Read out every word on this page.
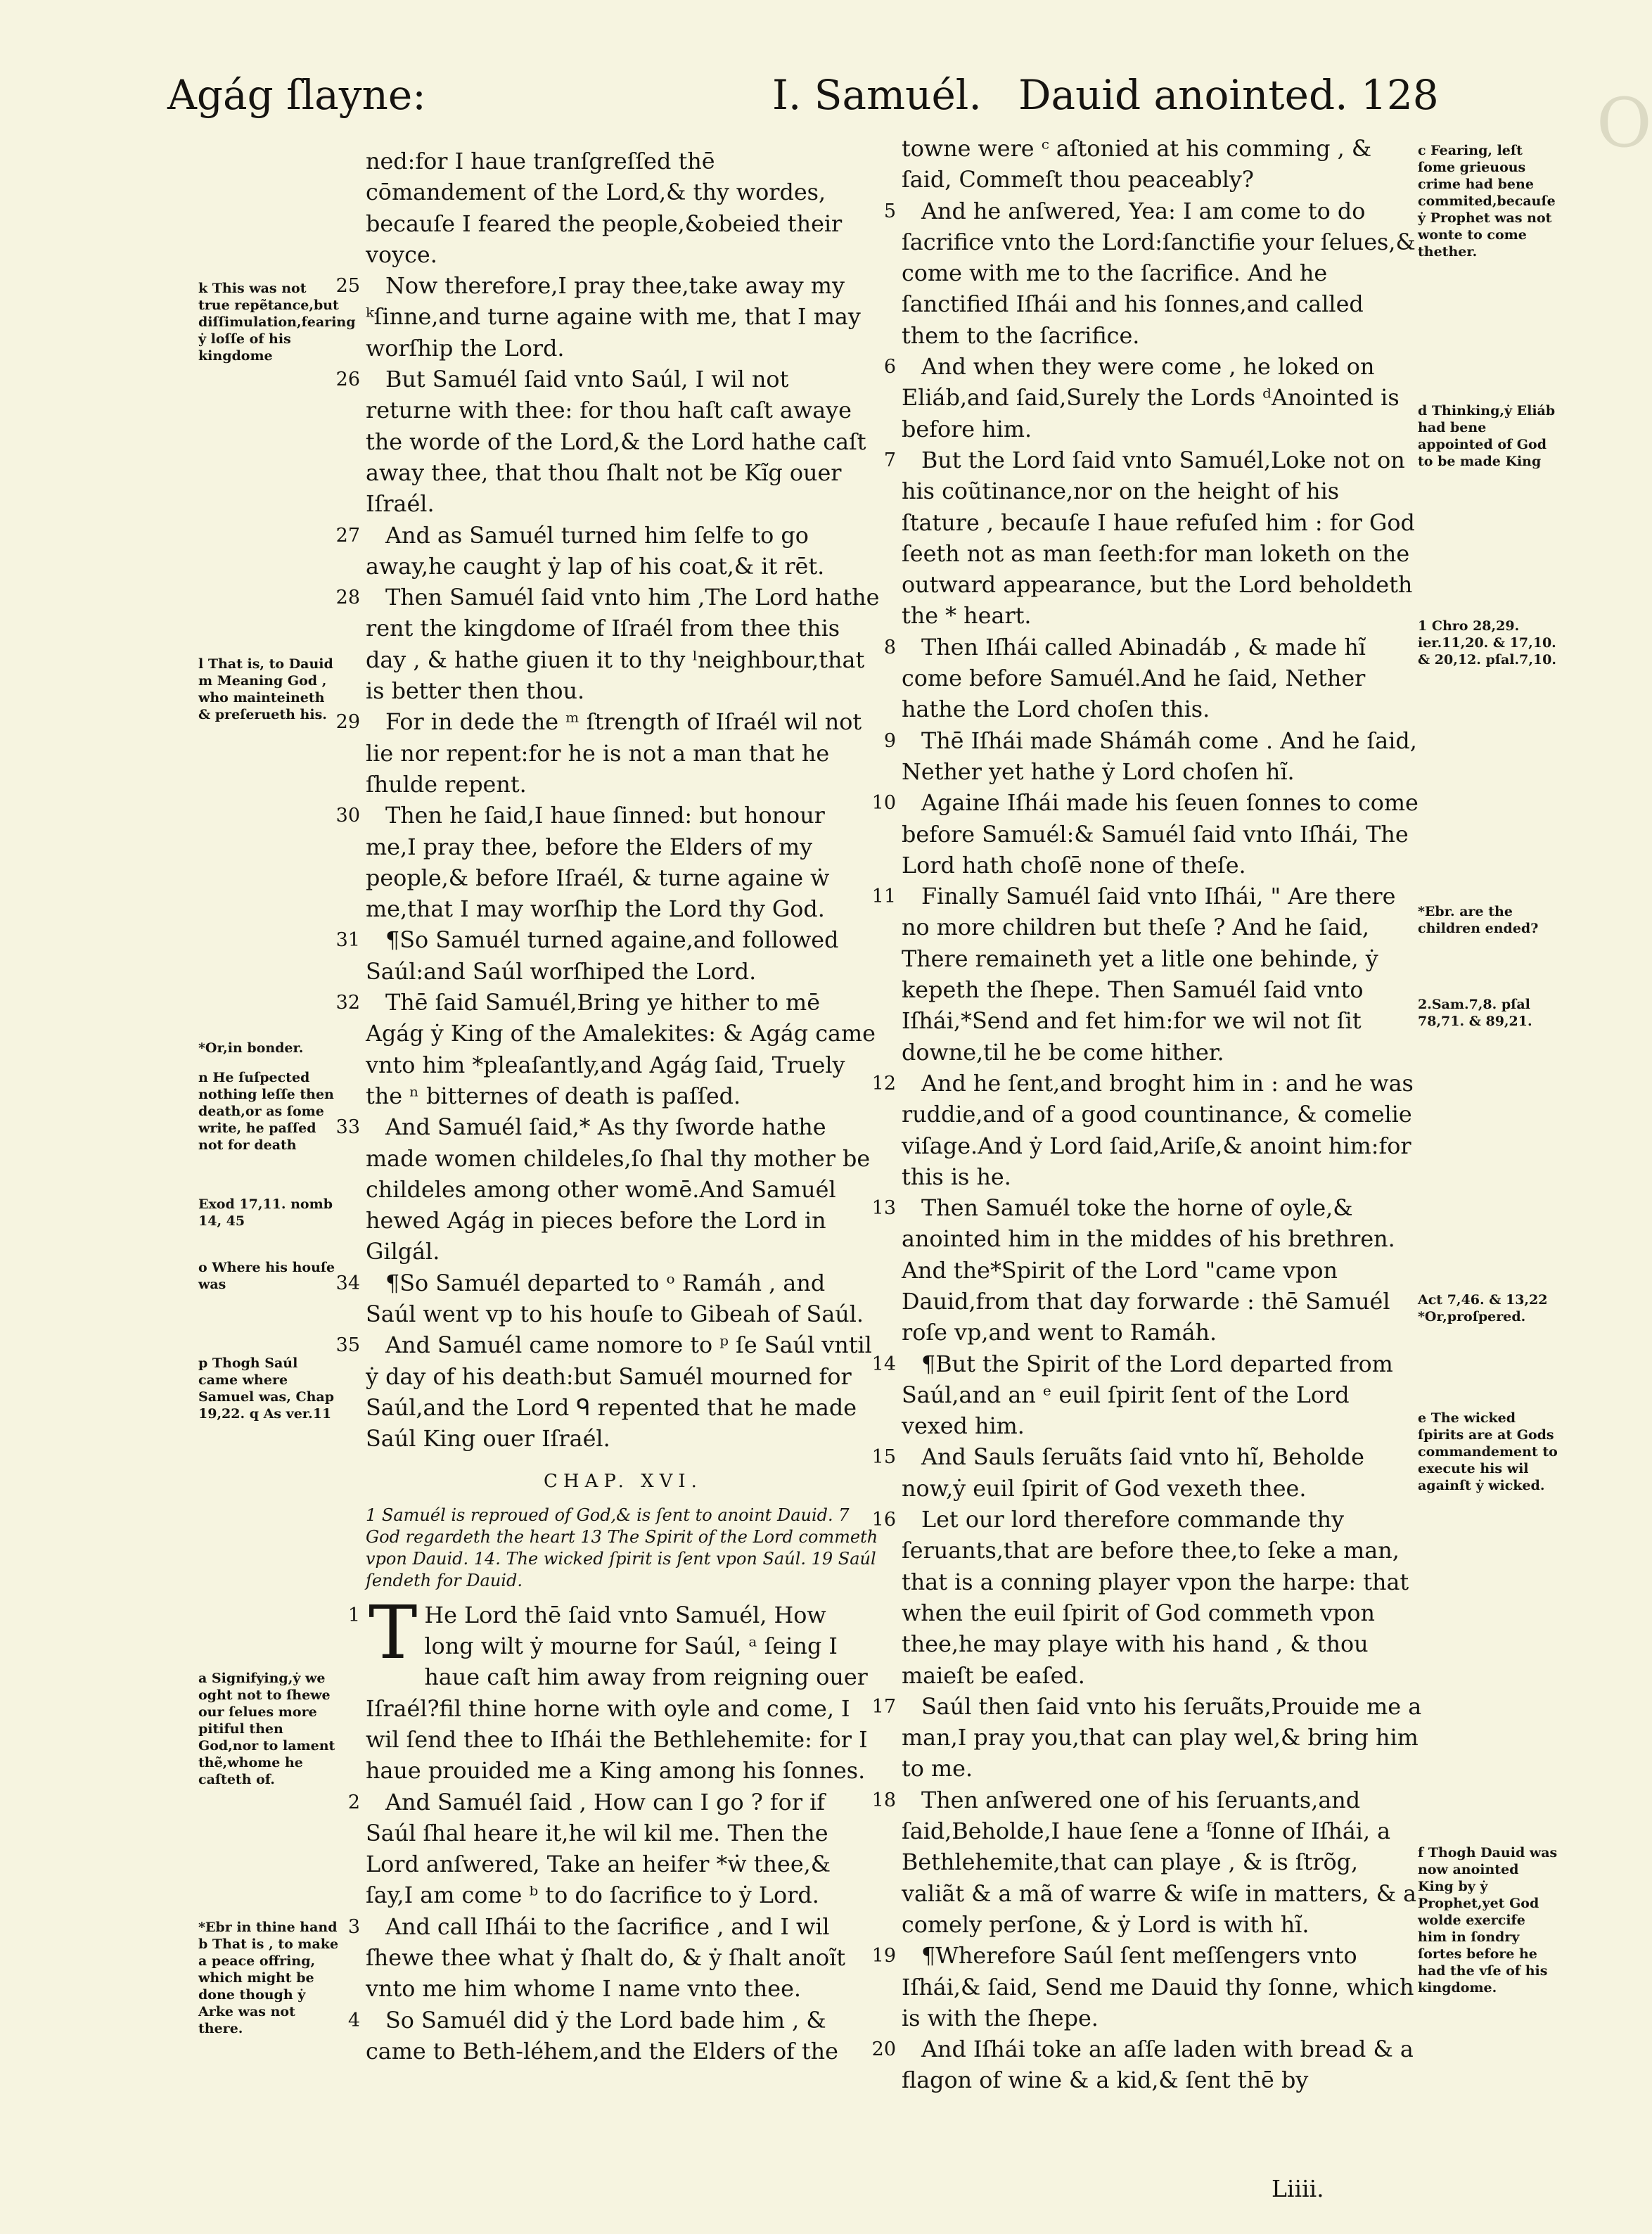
Agág ſlayne:	I. Samuél. Dauid anointed. 128 O

ned:for I haue tranſgreſſed thē cōmandement of the Lord,& thy wordes, becauſe I feared the people,&obeied their voyce.

25	Now therefore,I pray thee,take away my ᵏſinne,and turne againe with me, that I may worſhip the Lord.

26	But Samuél ſaid vnto Saúl, I wil not returne with thee: for thou haſt caſt awaye the worde of the Lord,& the Lord hathe caſt away thee, that thou ſhalt not be Kĩg ouer Iſraél.

27	And as Samuél turned him ſelfe to go away,he caught ẏ lap of his coat,& it rēt.

28	Then Samuél ſaid vnto him ,The Lord hathe rent the kingdome of Iſraél from thee this day , & hathe giuen it to thy ˡneighbour,that is better then thou.

29	For in dede the ᵐ ſtrength of Iſraél wil not lie nor repent:for he is not a man that he ſhulde repent.

30	Then he ſaid,I haue ſinned: but honour me,I pray thee, before the Elders of my people,& before Iſraél, & turne againe ẇ me,that I may worſhip the Lord thy God.

31	¶So Samuél turned againe,and followed Saúl:and Saúl worſhiped the Lord.

32	Thē ſaid Samuél,Bring ye hither to mē Agág ẏ King of the Amalekites: & Agág came vnto him *pleaſantly,and Agág ſaid, Truely the ⁿ bitternes of death is paſſed.

33	And Samuél ſaid,* As thy ſworde hathe made women childeles,ſo ſhal thy mother be childeles among other womē.And Samuél hewed Agág in pieces before the Lord in Gilgál.

34	¶So Samuél departed to ᵒ Ramáh , and Saúl went vp to his houſe to Gibeah of Saúl.

35	And Samuél came nomore to ᵖ ſe Saúl vntil ẏ day of his death:but Samuél mourned for Saúl,and the Lord ᑫ repented that he made Saúl King ouer Iſraél.

CHAP. XVI.
1 Samuél is reproued of God,& is ſent to anoint Dauid. 7 God regardeth the heart 13 The Spirit of the Lord commeth vpon Dauid. 14. The wicked ſpirit is ſent vpon Saúl. 19 Saúl ſendeth for Dauid.
1 T He Lord thē ſaid vnto Samuél, How long wilt ẏ mourne for Saúl, ᵃ ſeing I haue caſt him away from reigning ouer Iſraél?fil thine horne with oyle and come, I wil ſend thee to Iſhái the Bethlehemite: for I haue prouided me a King among his ſonnes.

2	And Samuél ſaid , How can I go ? for if Saúl ſhal heare it,he wil kil me. Then the Lord anſwered, Take an heifer *ẇ thee,& ſay,I am come ᵇ to do ſacrifice to ẏ Lord.

3	And call Iſhái to the ſacrifice , and I wil ſhewe thee what ẏ ſhalt do, & ẏ ſhalt anoĩt vnto me him whome I name vnto thee.

4	So Samuél did ẏ the Lord bade him , & came to Beth-léhem,and the Elders of the

towne were ᶜ aſtonied at his comming , & ſaid, Commeſt thou peaceably?

5	And he anſwered, Yea: I am come to do ſacrifice vnto the Lord:ſanctifie your ſelues,& come with me to the ſacrifice. And he ſanctified Iſhái and his ſonnes,and called them to the ſacrifice.

6	And when they were come , he loked on Eliáb,and ſaid,Surely the Lords ᵈAnointed is before him.

7	But the Lord ſaid vnto Samuél,Loke not on his coũtinance,nor on the height of his ſtature , becauſe I haue refuſed him : for God ſeeth not as man ſeeth:for man loketh on the outward appearance, but the Lord beholdeth the * heart.

8	Then Iſhái called Abinadáb , & made hĩ come before Samuél.And he ſaid, Nether hathe the Lord choſen this.

9	Thē Iſhái made Shámáh come . And he ſaid, Nether yet hathe ẏ Lord choſen hĩ.

10	Againe Iſhái made his ſeuen ſonnes to come before Samuél:& Samuél ſaid vnto Iſhái, The Lord hath choſē none of theſe.

11	Finally Samuél ſaid vnto Iſhái, " Are there no more children but theſe ? And he ſaid, There remaineth yet a litle one behinde, ẏ kepeth the ſhepe. Then Samuél ſaid vnto Iſhái,*Send and fet him:for we wil not ſit downe,til he be come hither.

12	And he ſent,and broght him in : and he was ruddie,and of a good countinance, & comelie viſage.And ẏ Lord ſaid,Ariſe,& anoint him:for this is he.

13	Then Samuél toke the horne of oyle,& anointed him in the middes of his brethren. And the*Spirit of the Lord "came vpon Dauid,from that day forwarde : thē Samuél roſe vp,and went to Ramáh.

14	¶But the Spirit of the Lord departed from Saúl,and an ᵉ euil ſpirit ſent of the Lord vexed him.

15	And Sauls ſeruãts ſaid vnto hĩ, Beholde now,ẏ euil ſpirit of God vexeth thee.

16	Let our lord therefore commande thy ſeruants,that are before thee,to ſeke a man, that is a conning player vpon the harpe: that when the euil ſpirit of God commeth vpon thee,he may playe with his hand , & thou maieſt be eaſed.

17	Saúl then ſaid vnto his ſeruãts,Prouide me a man,I pray you,that can play wel,& bring him to me.

18	Then anſwered one of his ſeruants,and ſaid,Beholde,I haue ſene a ᶠſonne of Iſhái, a Bethlehemite,that can playe , & is ſtrõg, valiãt & a mã of warre & wiſe in matters, & a comely perſone, & ẏ Lord is with hĩ.

19	¶Wherefore Saúl ſent meſſengers vnto Iſhái,& ſaid, Send me Dauid thy ſonne, which is with the ſhepe.

20	And Iſhái toke an aſſe laden with bread & a flagon of wine & a kid,& ſent thē by

Liiii.
k This was not true repẽtance,but diſſimulation,fearing ẏ loſſe of his kingdome
l That is, to Dauid m Meaning God , who mainteineth & preſerueth his.
*Or,in bonder.
n He ſuſpected nothing leſſe then death,or as ſome write, he paſſed not for death
Exod 17,11. nomb 14, 45
o Where his houſe was
p Thogh Saúl came where Samuel was, Chap 19,22. q As ver.11
a Signifying,ẏ we oght not to ſhewe our ſelues more pitiful then God,nor to lament thẽ,whome he caſteth of.
*Ebr in thine hand b That is , to make a peace offring, which might be done though ẏ Arke was not there.
c Fearing, leſt ſome grieuous crime had bene commited,becauſe ẏ Prophet was not wonte to come thether.
d Thinking,ẏ Eliáb had bene appointed of God to be made King
1 Chro 28,29. ier.11,20. & 17,10. & 20,12. pſal.7,10.
*Ebr. are the children ended?
2.Sam.7,8. pſal 78,71. & 89,21.
Act 7,46. & 13,22 *Or,proſpered.
e The wicked ſpirits are at Gods commandement to execute his wil againſt ẏ wicked.
f Thogh Dauid was now anointed King by ẏ Prophet,yet God wolde exercife him in ſondry ſortes before he had the vſe of his kingdome.
